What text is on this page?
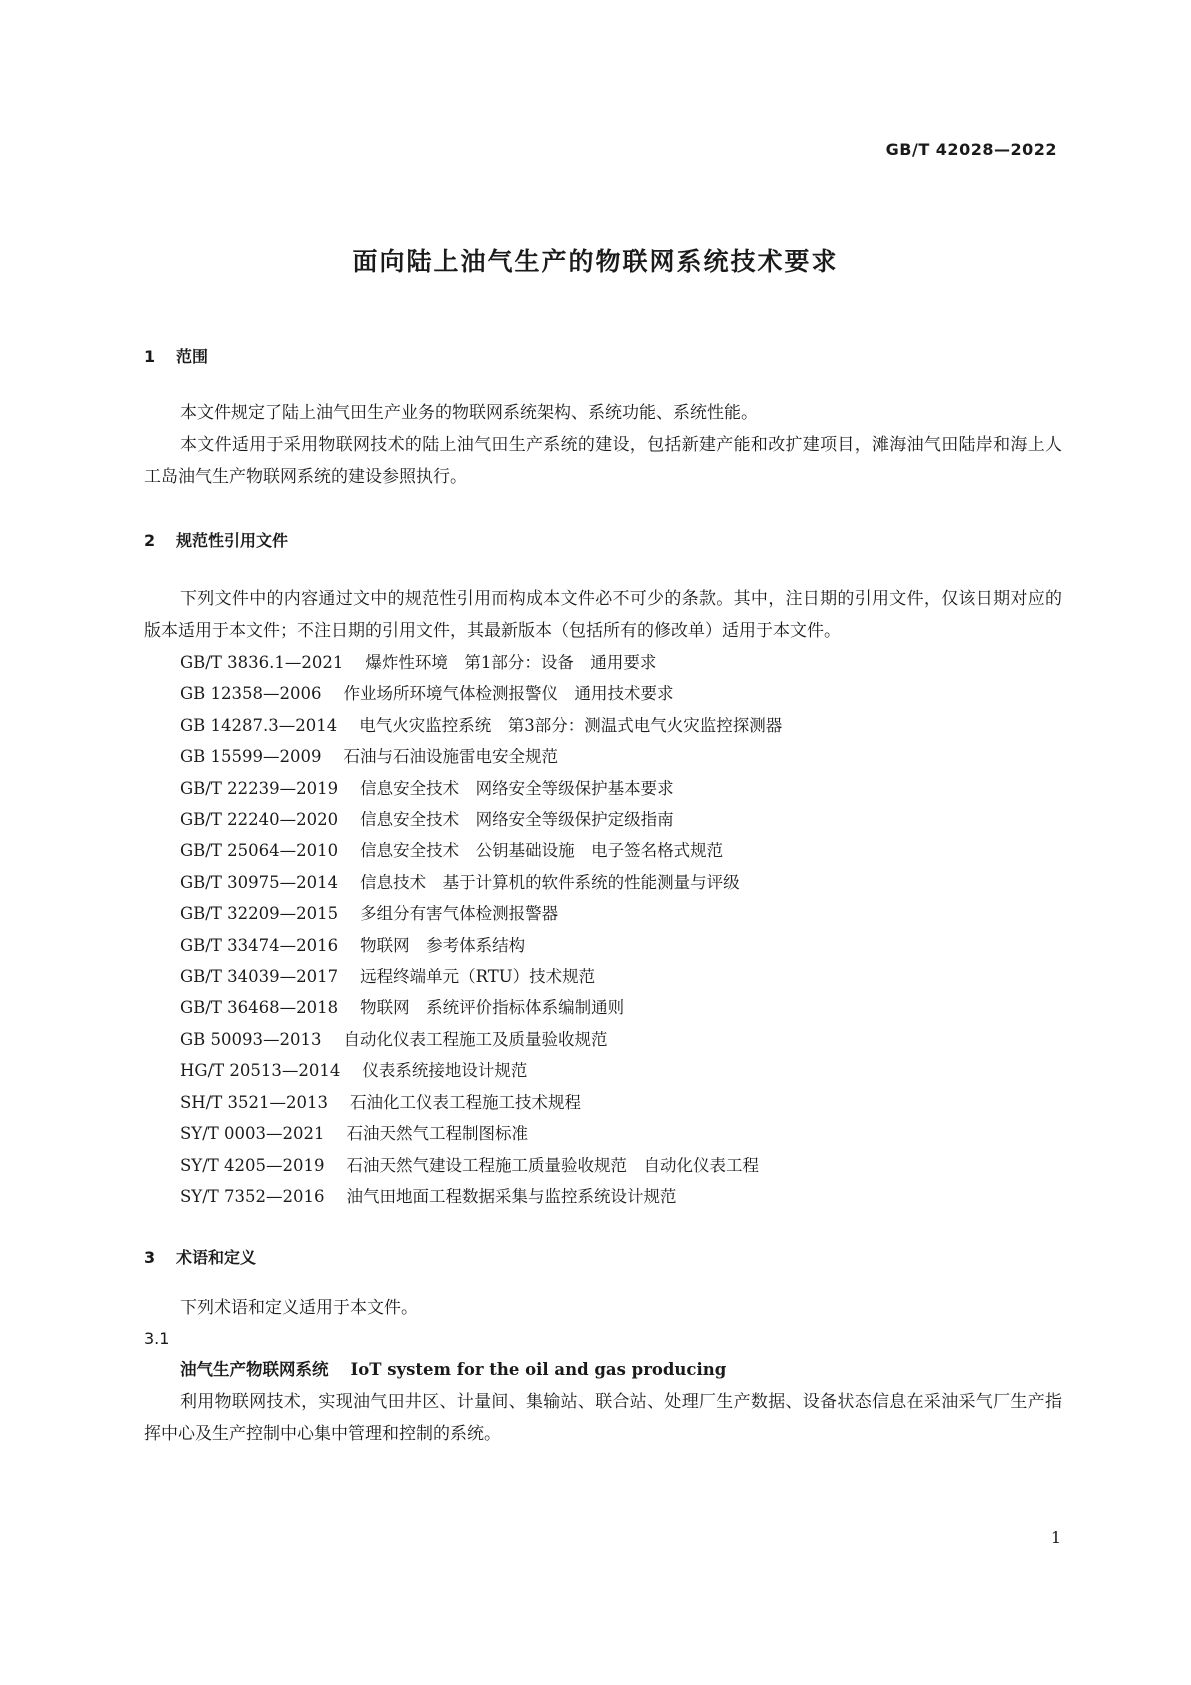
GB/T 42028—2022
面向陆上油气生产的物联网系统技术要求
1 范围

本文件规定了陆上油气田生产业务的物联网系统架构、系统功能、系统性能。

本文件适用于采用物联网技术的陆上油气田生产系统的建设，包括新建产能和改扩建项目，滩海油气田陆岸和海上人工岛油气生产物联网系统的建设参照执行。

2 规范性引用文件

下列文件中的内容通过文中的规范性引用而构成本文件必不可少的条款。其中，注日期的引用文件，仅该日期对应的版本适用于本文件；不注日期的引用文件，其最新版本（包括所有的修改单）适用于本文件。

GB/T 3836.1—2021 爆炸性环境　第1部分：设备　通用要求
GB 12358—2006 作业场所环境气体检测报警仪　通用技术要求
GB 14287.3—2014 电气火灾监控系统　第3部分：测温式电气火灾监控探测器
GB 15599—2009 石油与石油设施雷电安全规范
GB/T 22239—2019 信息安全技术　网络安全等级保护基本要求
GB/T 22240—2020 信息安全技术　网络安全等级保护定级指南
GB/T 25064—2010 信息安全技术　公钥基础设施　电子签名格式规范
GB/T 30975—2014 信息技术　基于计算机的软件系统的性能测量与评级
GB/T 32209—2015 多组分有害气体检测报警器
GB/T 33474—2016 物联网　参考体系结构
GB/T 34039—2017 远程终端单元（RTU）技术规范
GB/T 36468—2018 物联网　系统评价指标体系编制通则
GB 50093—2013 自动化仪表工程施工及质量验收规范
HG/T 20513—2014 仪表系统接地设计规范
SH/T 3521—2013 石油化工仪表工程施工技术规程
SY/T 0003—2021 石油天然气工程制图标准
SY/T 4205—2019 石油天然气建设工程施工质量验收规范　自动化仪表工程
SY/T 7352—2016 油气田地面工程数据采集与监控系统设计规范
3 术语和定义

下列术语和定义适用于本文件。

3.1
油气生产物联网系统 IoT system for the oil and gas producing

利用物联网技术，实现油气田井区、计量间、集输站、联合站、处理厂生产数据、设备状态信息在采油采气厂生产指挥中心及生产控制中心集中管理和控制的系统。

1
